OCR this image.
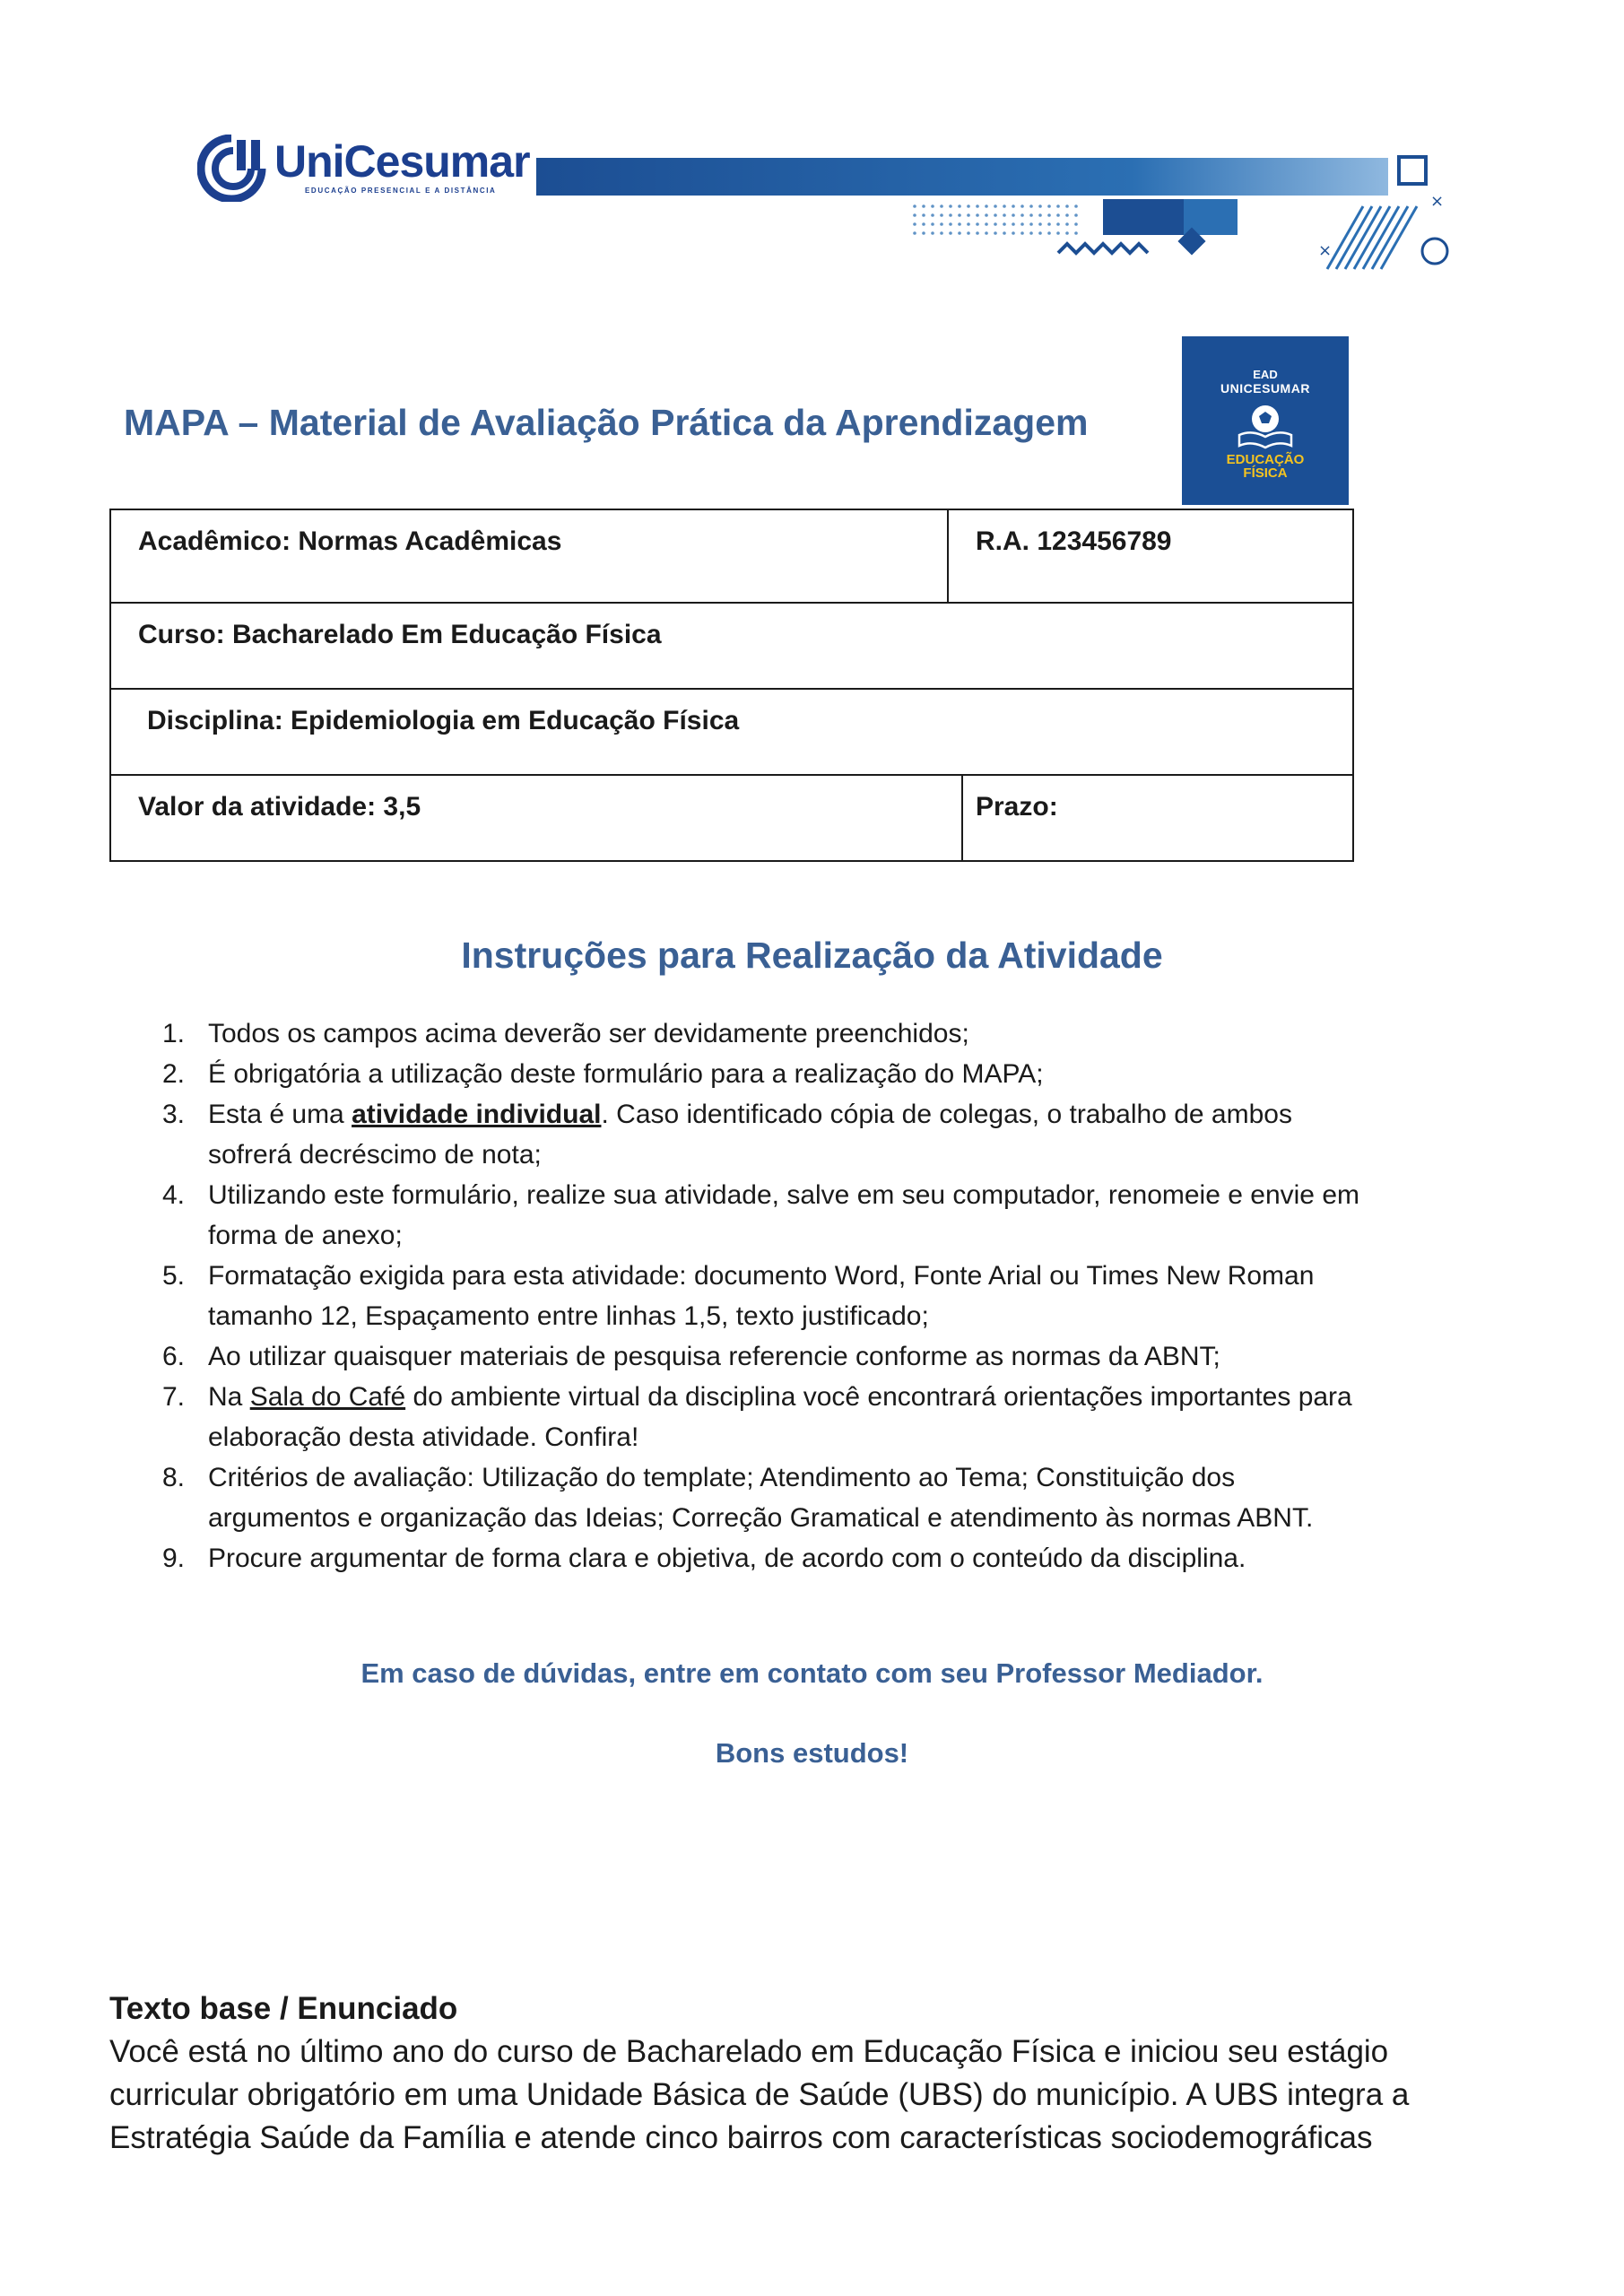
UniCesumar
EDUCAÇÃO PRESENCIAL E A DISTÂNCIA
×
×
EAD
UNICESUMAR
EDUCAÇÃO
FÍSICA
MAPA – Material de Avaliação Prática da Aprendizagem
Acadêmico: Normas Acadêmicas	R.A. 123456789
Curso: Bacharelado Em Educação Física
Disciplina: Epidemiologia em Educação Física
Valor da atividade: 3,5	Prazo:
Instruções para Realização da Atividade
1. Todos os campos acima deverão ser devidamente preenchidos;
2. É obrigatória a utilização deste formulário para a realização do MAPA;
3. Esta é uma atividade individual. Caso identificado cópia de colegas, o trabalho de ambos
sofrerá decréscimo de nota;
4. Utilizando este formulário, realize sua atividade, salve em seu computador, renomeie e envie em
forma de anexo;
5. Formatação exigida para esta atividade: documento Word, Fonte Arial ou Times New Roman
tamanho 12, Espaçamento entre linhas 1,5, texto justificado;
6. Ao utilizar quaisquer materiais de pesquisa referencie conforme as normas da ABNT;
7. Na Sala do Café do ambiente virtual da disciplina você encontrará orientações importantes para
elaboração desta atividade. Confira!
8. Critérios de avaliação: Utilização do template; Atendimento ao Tema; Constituição dos
argumentos e organização das Ideias; Correção Gramatical e atendimento às normas ABNT.
9. Procure argumentar de forma clara e objetiva, de acordo com o conteúdo da disciplina.
Em caso de dúvidas, entre em contato com seu Professor Mediador.
Bons estudos!
Texto base / Enunciado
Você está no último ano do curso de Bacharelado em Educação Física e iniciou seu estágio
curricular obrigatório em uma Unidade Básica de Saúde (UBS) do município. A UBS integra a
Estratégia Saúde da Família e atende cinco bairros com características sociodemográficas
